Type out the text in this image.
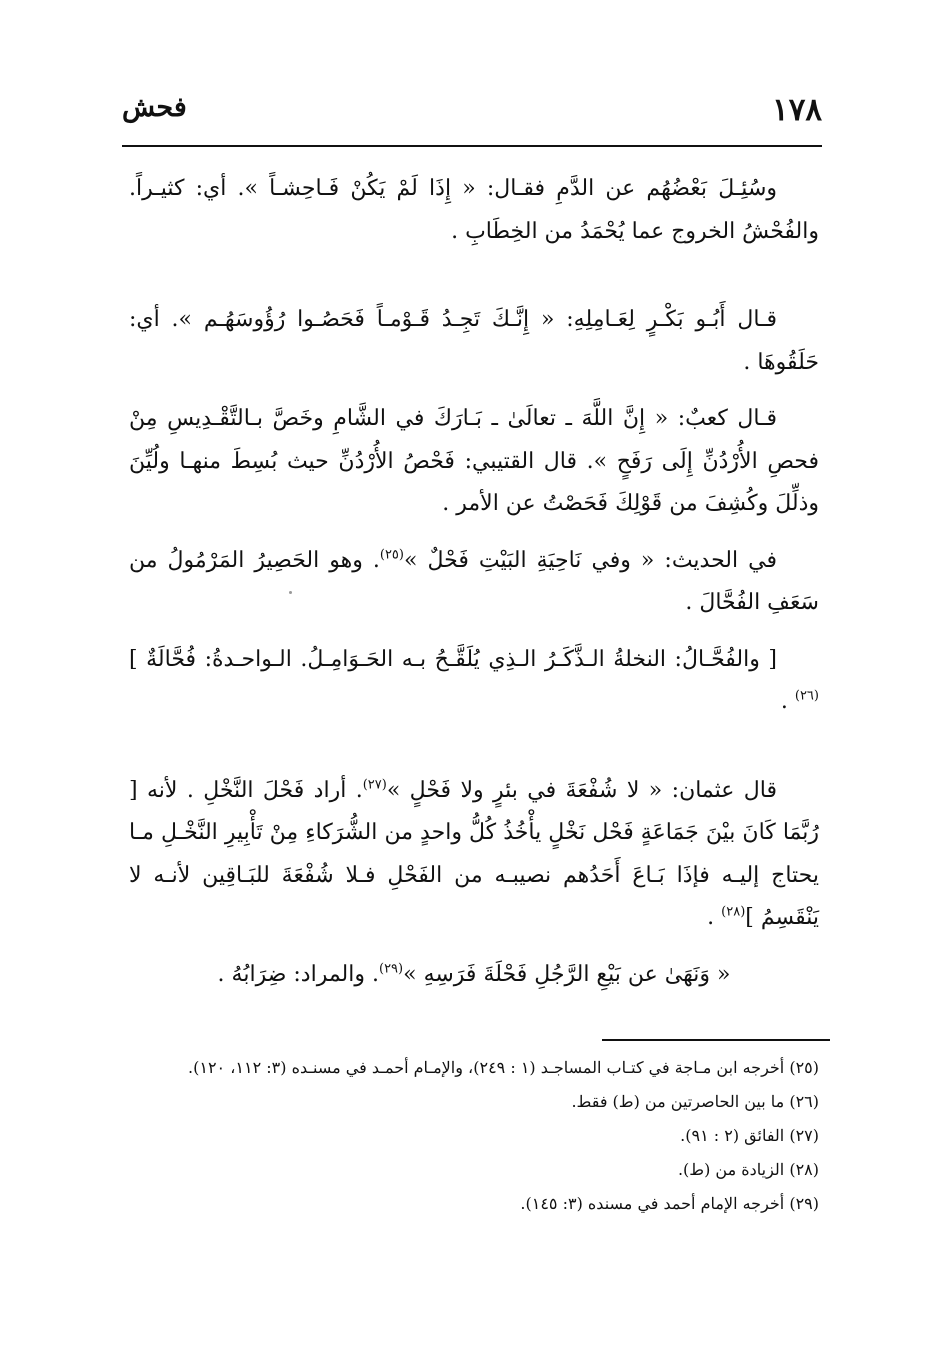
١٧٨
فحش

وسُئِـلَ بَعْضُهُم عن الدَّمِ فقـال: « إِذَا لَمْ يَكُنْ فَـاحِشـاً ». أي: كثيـراً. والفُحْشُ الخروج عما يُحْمَدُ من الخِطَابِ .

قـال أَبُـو بَكْـرٍ لِعَـامِلِهِ: « إِنَّـكَ تَجِـدُ قَـوْمـاً فَحَصُـوا رُؤُوسَهُـم ». أي: حَلَقُوهَا .

قـال كعبٌ: « إِنَّ اللَّهَ ـ تعالَىٰ ـ بَـارَكَ في الشَّامِ وخَصَّ بـالتَّقْـدِيسِ مِنْ فحصِ الأُرْدُنِّ إِلَى رَفَحٍ ». قال القتيبي: فَحْصُ الأُرْدُنِّ حيث بُسِطَ منهـا ولُيِّنَ وذلِّلَ وكُشِفَ من قَوْلِكَ فَحَصْتُ عن الأمر .

في الحديث: « وفي نَاحِيَةِ البَيْتِ فَحْلٌ »$^{(٢٥)}$. وهو الحَصِيرُ المَرْمُولُ من سَعَفِ الفُحَّالَ .

[ والفُحَّـالُ: النخلةُ الـذَّكَـرُ الـذِي يُلَقَّـحُ بـه الحَـوَامِـلُ. الـواحـدةُ: فُحَّالَةٌ ]$^{(٢٦)}$ .

قال عثمان: « لا شُفْعَةَ في بئرٍ ولا فَحْلٍ »$^{(٢٧)}$. أراد فَحْلَ النَّخْلِ . لأنه [ رُبَّمَا كَانَ بيْنَ جَمَاعَةٍ فَحْل نَخْلٍ يأْخُذُ كُلُّ واحدٍ من الشُّرَكاءِ مِنْ تَأْبِيرِ النَّخْـلِ مـا يحتاج إليـه فإذَا بَـاعَ أَحَدُهم نصيبـه من الفَحْلِ فـلا شُفْعَةَ للبَـاقِين لأنـه لا يَنْقَسِمُ ]$^{(٢٨)}$ .

« وَنَهَىٰ عن بَيْعِ الرَّجُلِ فَحْلَةَ فَرَسِهِ »$^{(٢٩)}$. والمراد: ضِرَابُهُ .

(٢٥) أخرجه ابن مـاجة في كتـاب المساجـد (١ : ٢٤٩)، والإمـام أحمـد في مسنـده (٣: ١١٢، ١٢٠).

(٢٦) ما بين الحاصرتين من (ط) فقط.

(٢٧) الفائق (٢ : ٩١).

(٢٨) الزيادة من (ط).

(٢٩) أخرجه الإمام أحمد في مسنده (٣: ١٤٥).
